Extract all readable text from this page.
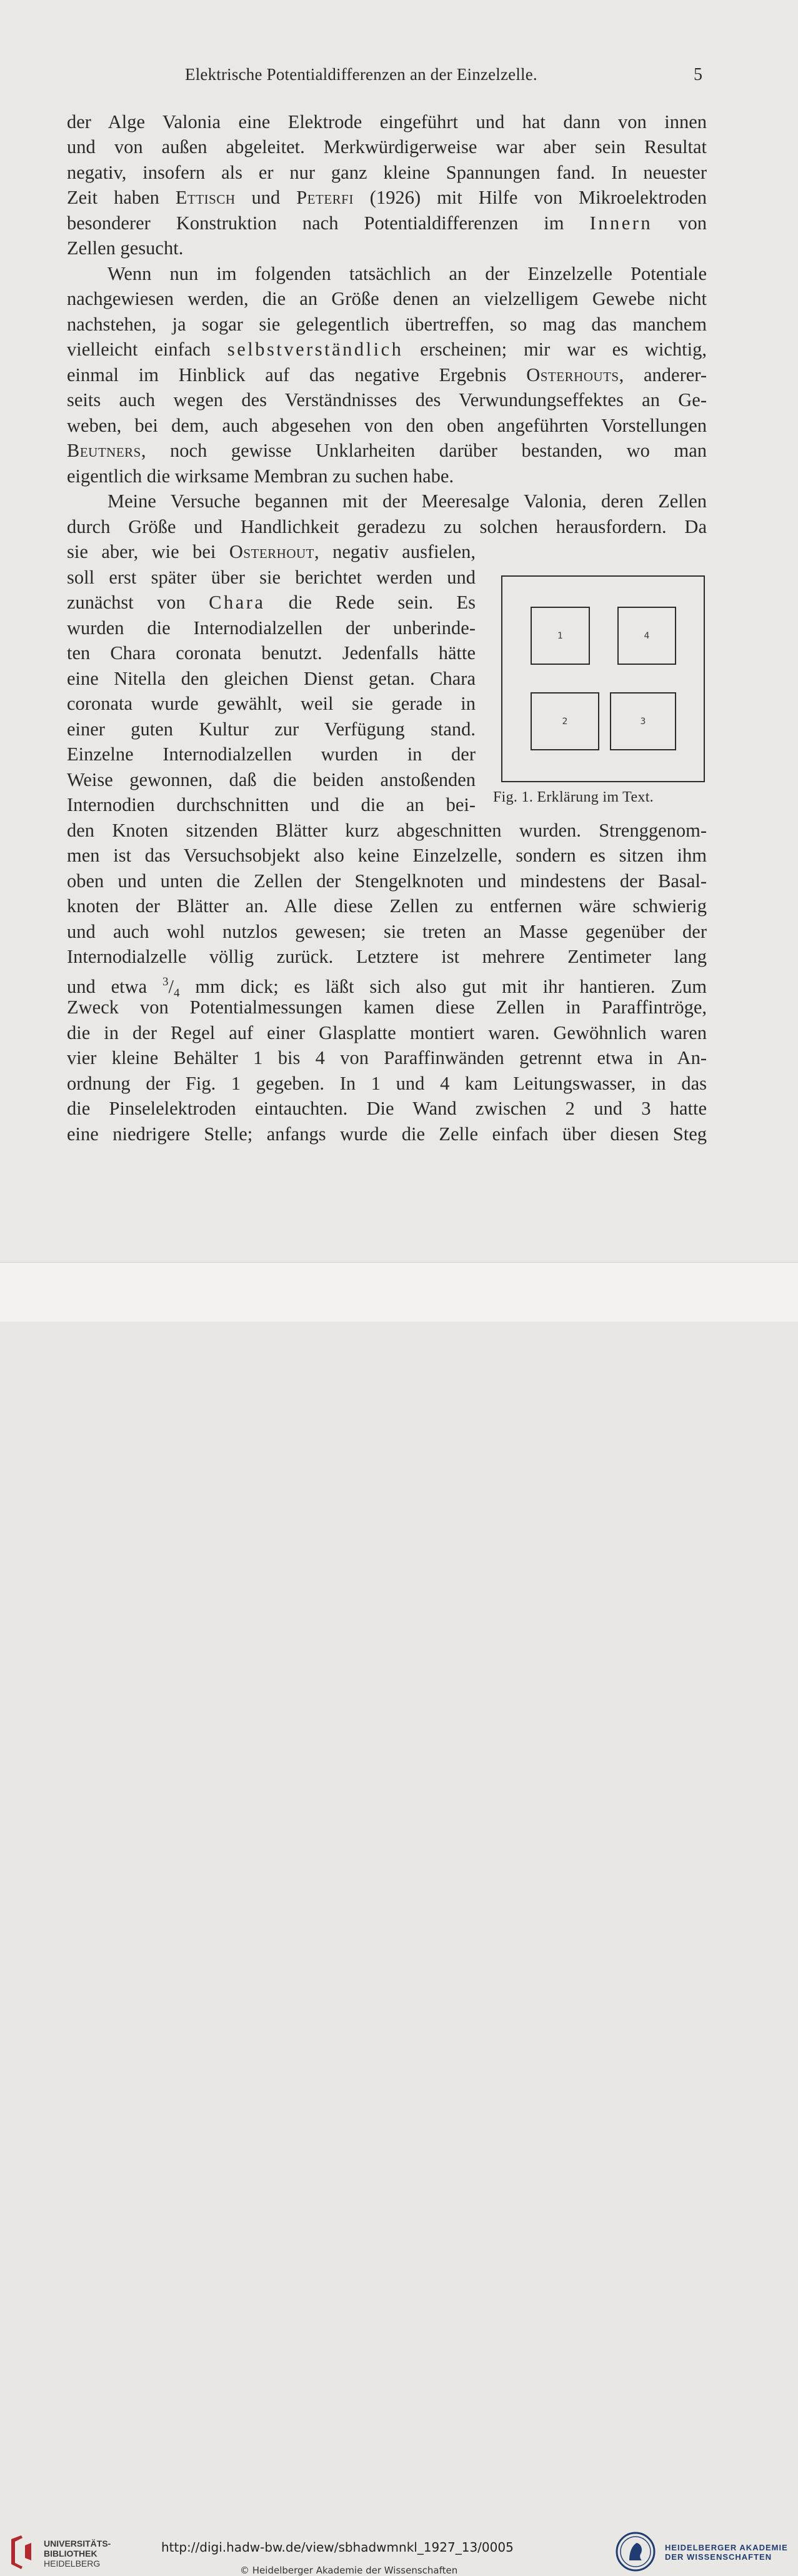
Elektrische Potentialdifferenzen an der Einzelzelle.	5
der Alge Valonia eine Elektrode eingeführt und hat dann von innen
und von außen abgeleitet. Merkwürdigerweise war aber sein Resultat
negativ, insofern als er nur ganz kleine Spannungen fand. In neuester
Zeit haben Ettisch und Peterfi (1926) mit Hilfe von Mikroelektroden
besonderer Konstruktion nach Potentialdifferenzen im Innern von
Zellen gesucht.
Wenn nun im folgenden tatsächlich an der Einzelzelle Potentiale
nachgewiesen werden, die an Größe denen an vielzelligem Gewebe nicht
nachstehen, ja sogar sie gelegentlich übertreffen, so mag das manchem
vielleicht einfach selbstverständlich erscheinen; mir war es wichtig,
einmal im Hinblick auf das negative Ergebnis Osterhouts, anderer-
seits auch wegen des Verständnisses des Verwundungseffektes an Ge-
weben, bei dem, auch abgesehen von den oben angeführten Vorstellungen
Beutners, noch gewisse Unklarheiten darüber bestanden, wo man
eigentlich die wirksame Membran zu suchen habe.
Meine Versuche begannen mit der Meeresalge Valonia, deren Zellen
durch Größe und Handlichkeit geradezu zu solchen herausfordern. Da
sie aber, wie bei Osterhout, negativ ausfielen,
soll erst später über sie berichtet werden und
zunächst von Chara die Rede sein. Es
wurden die Internodialzellen der unberinde-
ten Chara coronata benutzt. Jedenfalls hätte
eine Nitella den gleichen Dienst getan. Chara
coronata wurde gewählt, weil sie gerade in
einer guten Kultur zur Verfügung stand.
Einzelne Internodialzellen wurden in der
Weise gewonnen, daß die beiden anstoßenden
Internodien durchschnitten und die an bei-
den Knoten sitzenden Blätter kurz abgeschnitten wurden. Strenggenom-
men ist das Versuchsobjekt also keine Einzelzelle, sondern es sitzen ihm
oben und unten die Zellen der Stengelknoten und mindestens der Basal-
knoten der Blätter an. Alle diese Zellen zu entfernen wäre schwierig
und auch wohl nutzlos gewesen; sie treten an Masse gegenüber der
Internodialzelle völlig zurück. Letztere ist mehrere Zentimeter lang
und etwa $^3/_4$ mm dick; es läßt sich also gut mit ihr hantieren. Zum
Zweck von Potentialmessungen kamen diese Zellen in Paraffintröge,
die in der Regel auf einer Glasplatte montiert waren. Gewöhnlich waren
vier kleine Behälter 1 bis 4 von Paraffinwänden getrennt etwa in An-
ordnung der Fig. 1 gegeben. In 1 und 4 kam Leitungswasser, in das
die Pinselelektroden eintauchten. Die Wand zwischen 2 und 3 hatte
eine niedrigere Stelle; anfangs wurde die Zelle einfach über diesen Steg
1	4
2	3
Fig. 1. Erklärung im Text.
UNIVERSITÄTS-
BIBLIOTHEK
HEIDELBERG
http://digi.hadw-bw.de/view/sbhadwmnkl_1927_13/0005
© Heidelberger Akademie der Wissenschaften
HEIDELBERGER AKADEMIE
DER WISSENSCHAFTEN
